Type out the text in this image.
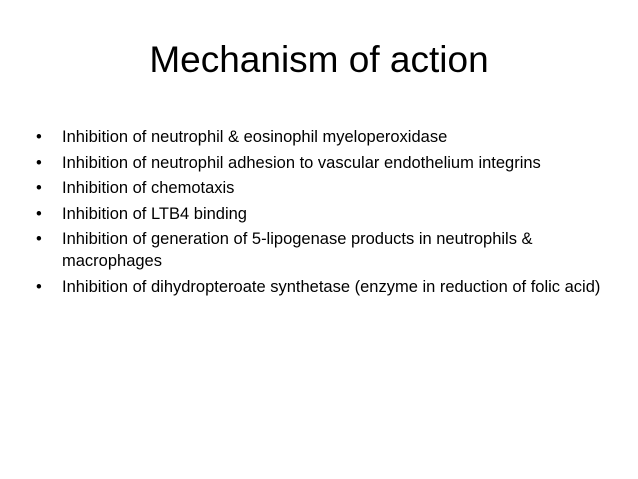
Mechanism of action
•	Inhibition of neutrophil & eosinophil myeloperoxidase
•	Inhibition of neutrophil adhesion to vascular endothelium integrins
•	Inhibition of chemotaxis
•	Inhibition of LTB4 binding
•	Inhibition of generation of 5-lipogenase products in neutrophils & macrophages
•	Inhibition of dihydropteroate synthetase (enzyme in reduction of folic acid)
